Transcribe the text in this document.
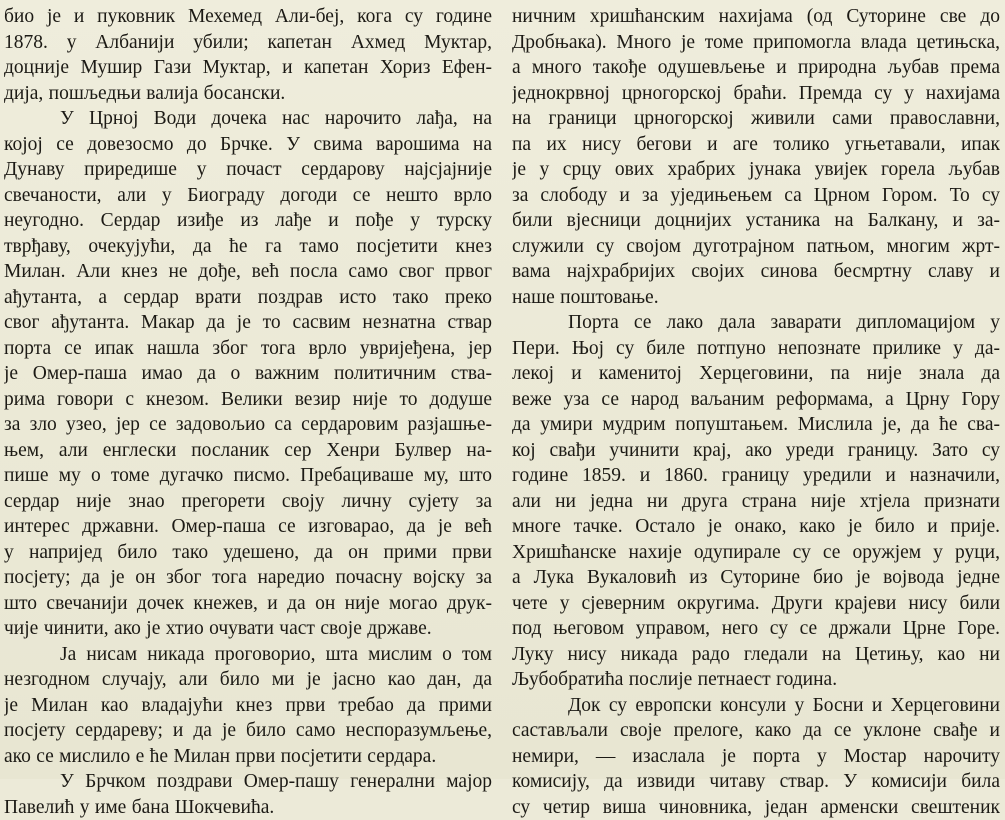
био је и пуковник Мехемед Али-беј, кога су године
1878. у Албанији убили; капетан Ахмед Муктар,
доцније Мушир Гази Муктар, и капетан Хориз Ефен-
дија, пошљедњи валија босански.
У Црној Води дочека нас нарочито лађа, на
којој се довезосмо до Брчке. У свима варошима на
Дунаву приредише у почаст сердарову најсјајније
свечаности, али у Биограду догоди се нешто врло
неугодно. Сердар изиђе из лађе и пође у турску
тврђаву, очекујући, да ће га тамо посјетити кнез
Милан. Али кнез не дође, већ посла само свог првог
ађутанта, а сердар врати поздрав исто тако преко
свог ађутанта. Макар да је то сасвим незнатна ствар
порта се ипак нашла због тога врло увријеђена, јер
је Омер-паша имао да о важним политичним ства-
рима говори с кнезом. Велики везир није то додуше
за зло узео, јер се задовољио са сердаровим разјашње-
њем, али енглески посланик сер Хенри Булвер на-
пише му о томе дугачко писмо. Пребацивaше му, што
сердар није знао прегорети своју личну сујету за
интерес државни. Омер-паша се изговарао, да је већ
у напријед било тако удешено, да он прими први
посјету; да је он због тога наредио почасну војску за
што свечанији дочек кнежев, и да он није могао друк-
чије чинити, ако је хтио очувати част своје државе.
Ја нисам никада проговорио, шта мислим о том
незгодном случају, али било ми је јасно као дан, да
је Милан као владајући кнез први требао да прими
посјету сердареву; и да је било само неспоразумљење,
ако се мислило е ће Милан први посјетити сердара.
У Брчком поздрави Омер-пашу генерални мајор
Павелић у име бана Шокчевића.
ничним хришћанским нахијама (од Суторине све до
Дробњака). Много је томе припомогла влада цетињска,
а много такође одушевљење и природна љубав према
једнокрвној црногорској браћи. Премда су у нахијама
на граници црногорској живили сами православни,
па их нису бегови и аге толико угњетавали, ипак
је у срцу ових храбрих јунака увијек горела љубав
за слободу и за уједињењем са Црном Гором. То су
били вјесници доцнијих устаника на Балкану, и за-
служили су својом дуготрајном патњом, многим жрт-
вама најхрабријих својих синова бесмртну славу и
наше поштовање.
Порта се лако дала заварати дипломацијом у
Пери. Њој су биле потпуно непознате прилике у да-
лекој и каменитој Херцеговини, па није знала да
веже уза се народ ваљаним реформама, а Црну Гору
да умири мудрим попуштањем. Мислила је, да ће сва-
кој свађи учинити крај, ако уреди границу. Зато су
године 1859. и 1860. границу уредили и назначили,
али ни једна ни друга страна није хтјела признати
многе тачке. Остало је онако, како је било и прије.
Хришћанске нахије одупирале су се оружјем у руци,
а Лука Вукаловић из Суторине био је војвода једне
чете у сјеверним округима. Други крајеви нису били
под његовом управом, него су се држали Црне Горе.
Луку нису никада радо гледали на Цетињу, као ни
Љубобратића послије петнаест година.
Док су европски консули у Босни и Херцеговини
састављали своје прелоге, како да се уклоне свађе и
немири, — изаслала је порта у Мостар нарочиту
комисију, да извиди читаву ствар. У комисији била
су четир виша чиновника, један арменски свештеник
